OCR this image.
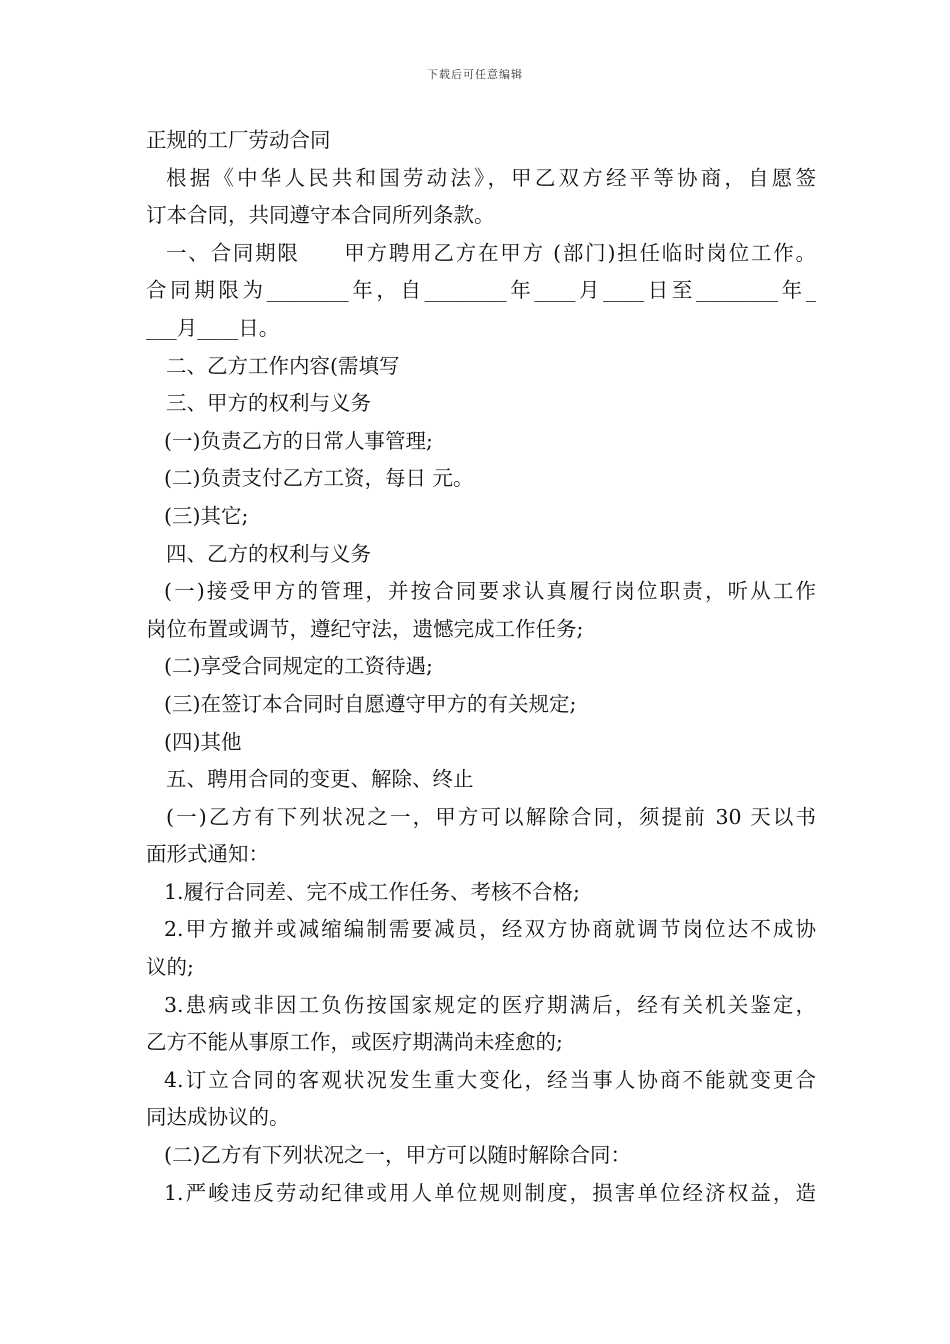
下载后可任意编辑
正规的工厂劳动合同
根据《中华人民共和国劳动法》，甲乙双方经平等协商，自愿签
订本合同，共同遵守本合同所列条款。
一、合同期限　　甲方聘用乙方在甲方 (部门)担任临时岗位工作。
合同期限为________年，自________年____月____日至________年_
___月____日。
二、乙方工作内容(需填写
三、甲方的权利与义务
(一)负责乙方的日常人事管理;
(二)负责支付乙方工资，每日 元。
(三)其它;
四、乙方的权利与义务
(一)接受甲方的管理，并按合同要求认真履行岗位职责，听从工作
岗位布置或调节，遵纪守法，遗憾完成工作任务;
(二)享受合同规定的工资待遇;
(三)在签订本合同时自愿遵守甲方的有关规定;
(四)其他
五、聘用合同的变更、解除、终止
(一)乙方有下列状况之一，甲方可以解除合同，须提前 30 天以书
面形式通知：
1.履行合同差、完不成工作任务、考核不合格;
2.甲方撤并或减缩编制需要减员，经双方协商就调节岗位达不成协
议的;
3.患病或非因工负伤按国家规定的医疗期满后，经有关机关鉴定，
乙方不能从事原工作，或医疗期满尚未痊愈的;
4.订立合同的客观状况发生重大变化，经当事人协商不能就变更合
同达成协议的。
(二)乙方有下列状况之一，甲方可以随时解除合同：
1.严峻违反劳动纪律或用人单位规则制度，损害单位经济权益，造
